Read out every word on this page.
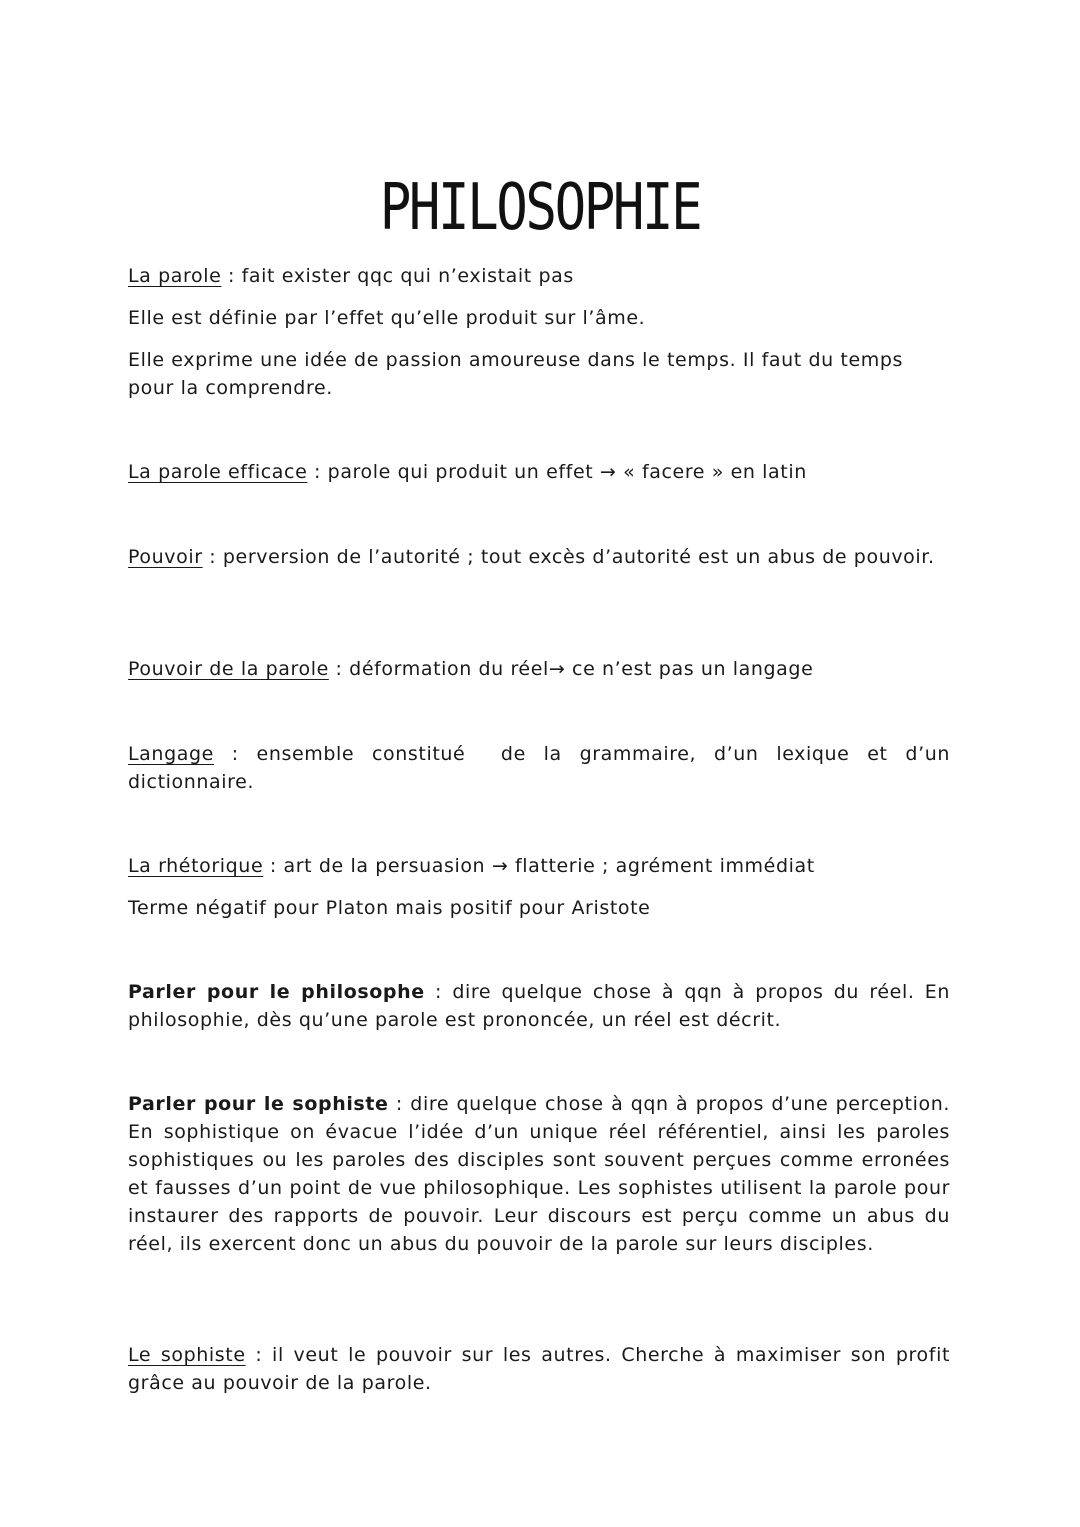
PHILOSOPHIE

La parole : fait exister qqc qui n’existait pas

Elle est définie par l’effet qu’elle produit sur l’âme.

Elle exprime une idée de passion amoureuse dans le temps. Il faut du temps pour la comprendre.

La parole efficace : parole qui produit un effet → « facere » en latin

Pouvoir : perversion de l’autorité ; tout excès d’autorité est un abus de pouvoir.

Pouvoir de la parole : déformation du réel→ ce n’est pas un langage

Langage : ensemble constitué  de la grammaire, d’un lexique et d’un dictionnaire.

La rhétorique : art de la persuasion → flatterie ; agrément immédiat

Terme négatif pour Platon mais positif pour Aristote

Parler pour le philosophe : dire quelque chose à qqn à propos du réel. En philosophie, dès qu’une parole est prononcée, un réel est décrit.

Parler pour le sophiste : dire quelque chose à qqn à propos d’une perception. En sophistique on évacue l’idée d’un unique réel référentiel, ainsi les paroles sophistiques ou les paroles des disciples sont souvent perçues comme erronées et fausses d’un point de vue philosophique. Les sophistes utilisent la parole pour instaurer des rapports de pouvoir. Leur discours est perçu comme un abus du réel, ils exercent donc un abus du pouvoir de la parole sur leurs disciples.

Le sophiste : il veut le pouvoir sur les autres. Cherche à maximiser son profit grâce au pouvoir de la parole.
